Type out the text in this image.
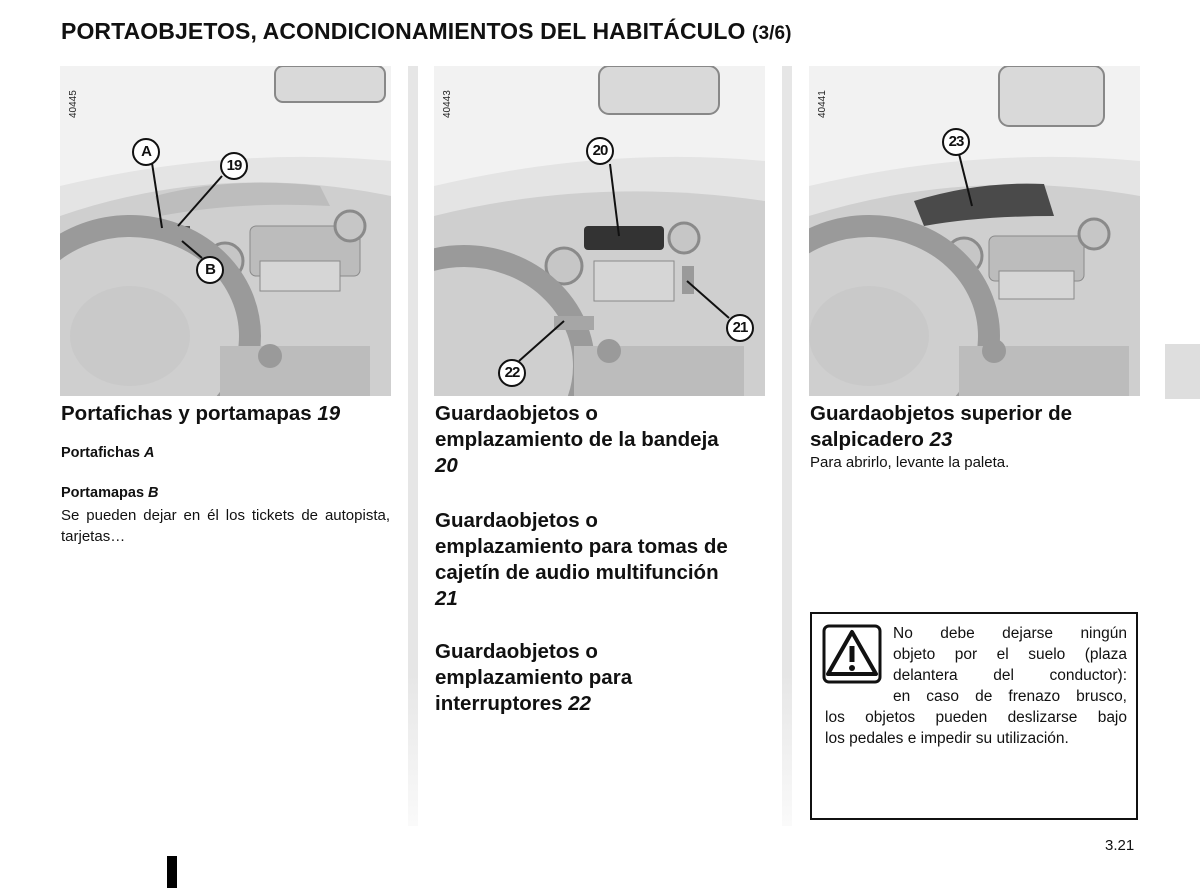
PORTAOBJETOS, ACONDICIONAMIENTOS DEL HABITÁCULO (3/6)
40445
A
19
B
40443
20
21
22
40441
23
Portafichas y portamapas 19
Portafichas A
Portamapas B
Se pueden dejar en él los tickets de autopista, tarjetas…
Guardaobjetos o emplazamiento de la bandeja 20
Guardaobjetos o emplazamiento para tomas de cajetín de audio multifunción 21
Guardaobjetos o emplazamiento para interruptores 22
Guardaobjetos superior de salpicadero 23
Para abrirlo, levante la paleta.
No debe dejarse ningún
objeto por el suelo (plaza
delantera del conductor):
en caso de frenazo brusco,
los objetos pueden deslizarse bajo
los pedales e impedir su utilización.
3.21
